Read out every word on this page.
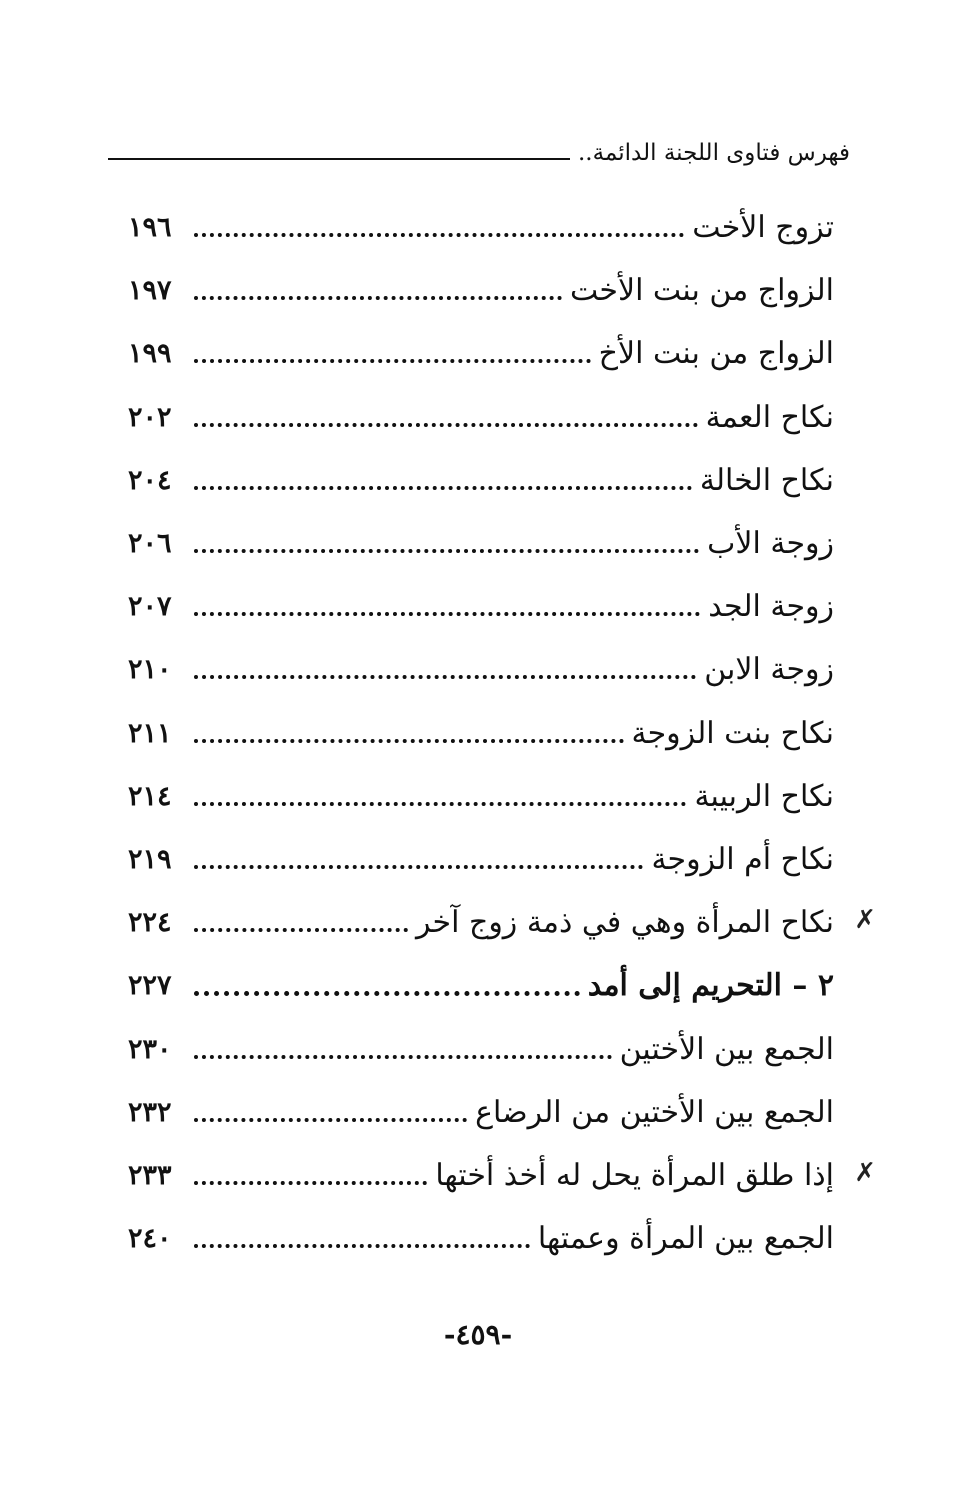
فهرس فتاوى اللجنة الدائمة..
تزوج الأخت
١٩٦
الزواج من بنت الأخت
١٩٧
الزواج من بنت الأخ
١٩٩
نكاح العمة
٢٠٢
نكاح الخالة
٢٠٤
زوجة الأب
٢٠٦
زوجة الجد
٢٠٧
زوجة الابن
٢١٠
نكاح بنت الزوجة
٢١١
نكاح الربيبة
٢١٤
نكاح أم الزوجة
٢١٩
نكاح المرأة وهي في ذمة زوج آخر
٢٢٤	✗
٢ – التحريم إلى أمد
٢٢٧
الجمع بين الأختين
٢٣٠
الجمع بين الأختين من الرضاع
٢٣٢
إذا طلق المرأة يحل له أخذ أختها
٢٣٣	✗
الجمع بين المرأة وعمتها
٢٤٠
-٤٥٩-
